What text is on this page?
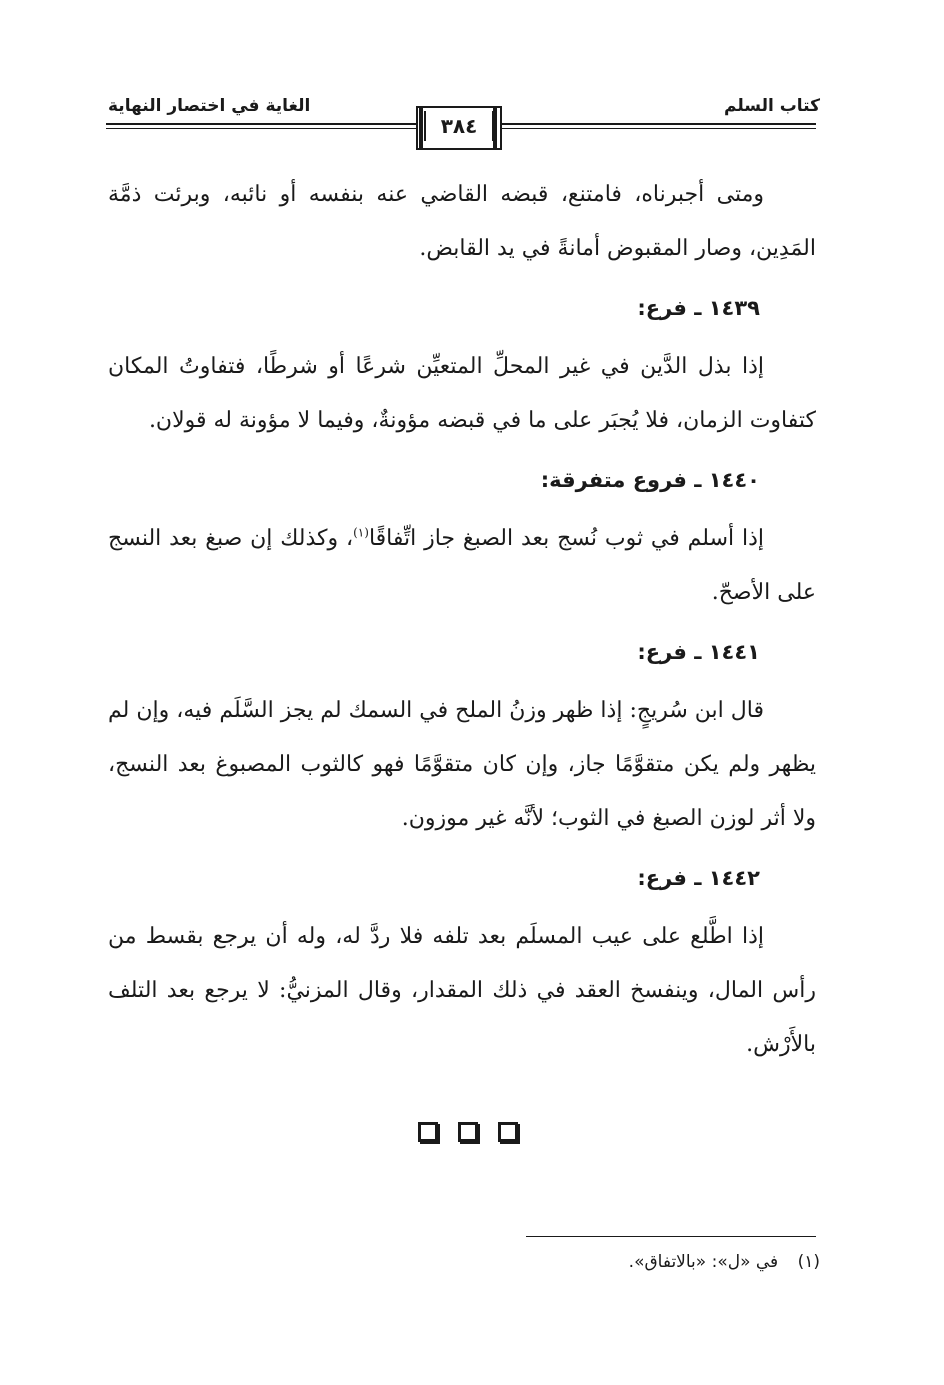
كتاب السلم
الغاية في اختصار النهاية
٣٨٤

ومتى أجبرناه، فامتنع، قبضه القاضي عنه بنفسه أو نائبه، وبرئت ذمَّة المَدِين، وصار المقبوض أمانةً في يد القابض.

١٤٣٩ ـ فرع:

إذا بذل الدَّين في غير المحلِّ المتعيِّن شرعًا أو شرطًا، فتفاوتُ المكان كتفاوت الزمان، فلا يُجبَر على ما في قبضه مؤونةٌ، وفيما لا مؤونة له قولان.

١٤٤٠ ـ فروع متفرقة:

إذا أسلم في ثوب نُسج بعد الصبغ جاز اتِّفاقًا$^{(١)}$، وكذلك إن صبغ بعد النسج على الأصحّ.

١٤٤١ ـ فرع:

قال ابن سُريجٍ: إذا ظهر وزنُ الملح في السمك لم يجز السَّلَم فيه، وإن لم يظهر ولم يكن متقوَّمًا جاز، وإن كان متقوَّمًا فهو كالثوب المصبوغ بعد النسج، ولا أثر لوزن الصبغ في الثوب؛ لأنَّه غير موزون.

١٤٤٢ ـ فرع:

إذا اطَّلع على عيب المسلَم بعد تلفه فلا ردَّ له، وله أن يرجع بقسط من رأس المال، وينفسخ العقد في ذلك المقدار، وقال المزنيُّ: لا يرجع بعد التلف بالأَرْش.

(١) في «ل»: «بالاتفاق».
